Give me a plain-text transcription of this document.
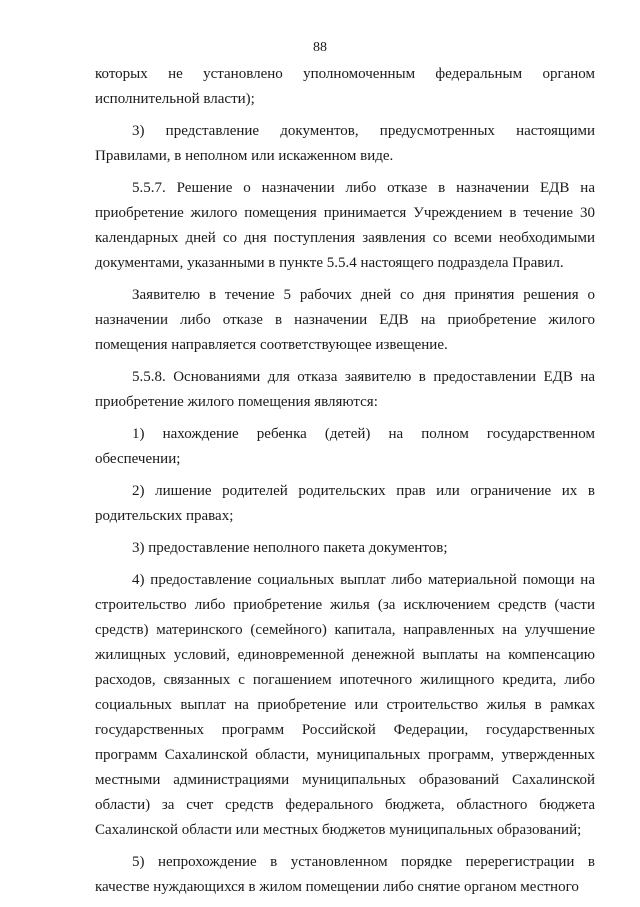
88

которых не установлено уполномоченным федеральным органом исполнительной власти);

3) представление документов, предусмотренных настоящими Правилами, в неполном или искаженном виде.

5.5.7. Решение о назначении либо отказе в назначении ЕДВ на приобретение жилого помещения принимается Учреждением в течение 30 календарных дней со дня поступления заявления со всеми необходимыми документами, указанными в пункте 5.5.4 настоящего подраздела Правил.

Заявителю в течение 5 рабочих дней со дня принятия решения о назначении либо отказе в назначении ЕДВ на приобретение жилого помещения направляется соответствующее извещение.

5.5.8. Основаниями для отказа заявителю в предоставлении ЕДВ на приобретение жилого помещения являются:

1) нахождение ребенка (детей) на полном государственном обеспечении;

2) лишение родителей родительских прав или ограничение их в родительских правах;

3) предоставление неполного пакета документов;

4) предоставление социальных выплат либо материальной помощи на строительство либо приобретение жилья (за исключением средств (части средств) материнского (семейного) капитала, направленных на улучшение жилищных условий, единовременной денежной выплаты на компенсацию расходов, связанных с погашением ипотечного жилищного кредита, либо социальных выплат на приобретение или строительство жилья в рамках государственных программ Российской Федерации, государственных программ Сахалинской области, муниципальных программ, утвержденных местными администрациями муниципальных образований Сахалинской области) за счет средств федерального бюджета, областного бюджета Сахалинской области или местных бюджетов муниципальных образований;

5) непрохождение в установленном порядке перерегистрации в качестве нуждающихся в жилом помещении либо снятие органом местного
